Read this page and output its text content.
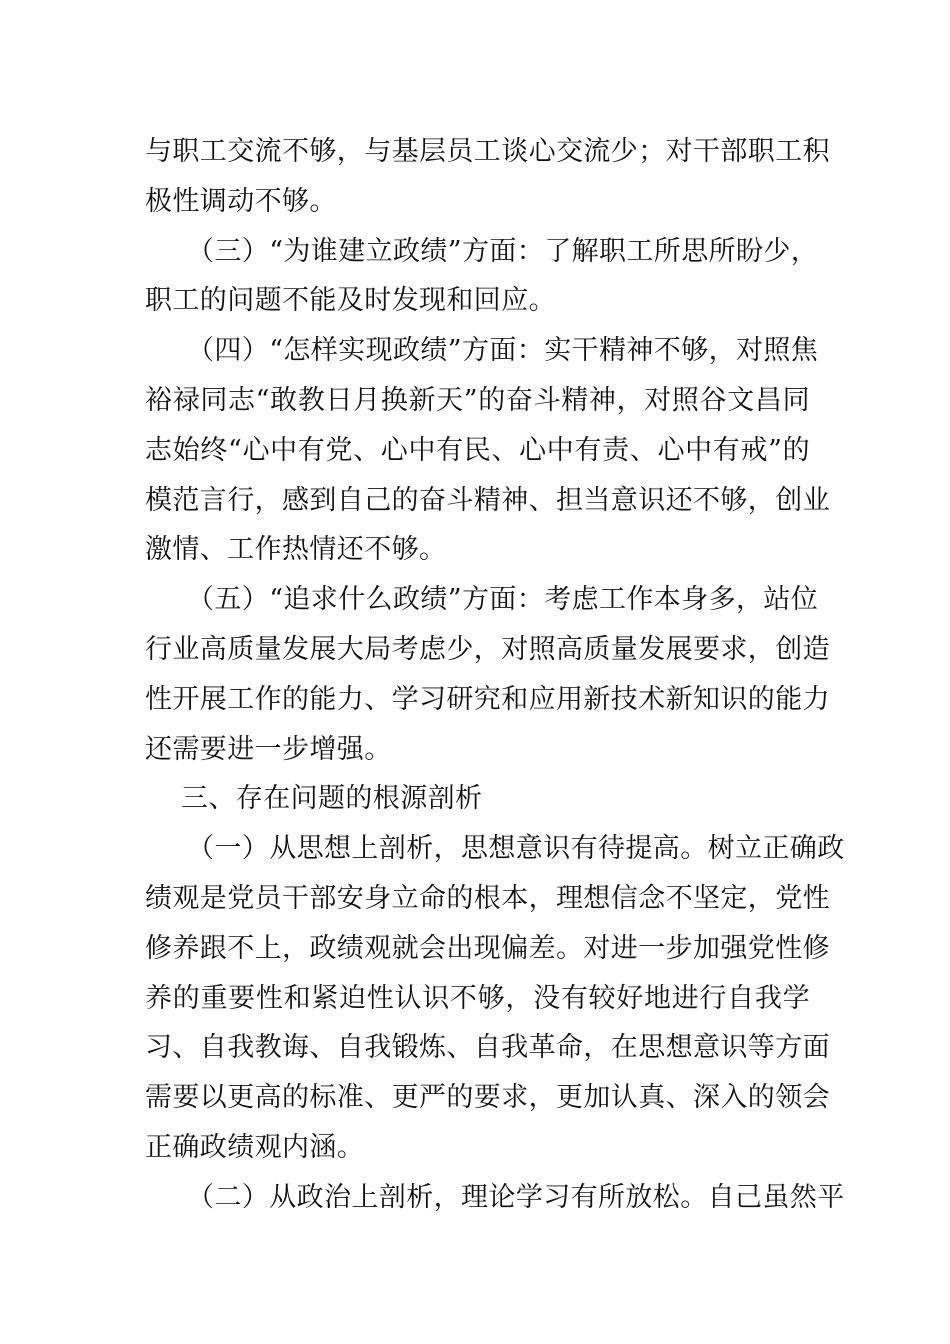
与职工交流不够，与基层员工谈心交流少；对干部职工积
极性调动不够。

（三）“为谁建立政绩”方面：了解职工所思所盼少，

职工的问题不能及时发现和回应。

（四）“怎样实现政绩”方面：实干精神不够，对照焦

裕禄同志“敢教日月换新天”的奋斗精神，对照谷文昌同
志始终“心中有党、心中有民、心中有责、心中有戒”的
模范言行，感到自己的奋斗精神、担当意识还不够，创业
激情、工作热情还不够。

（五）“追求什么政绩”方面：考虑工作本身多，站位

行业高质量发展大局考虑少，对照高质量发展要求，创造
性开展工作的能力、学习研究和应用新技术新知识的能力
还需要进一步增强。

三、存在问题的根源剖析

（一）从思想上剖析，思想意识有待提高。树立正确政

绩观是党员干部安身立命的根本，理想信念不坚定，党性
修养跟不上，政绩观就会出现偏差。对进一步加强党性修
养的重要性和紧迫性认识不够，没有较好地进行自我学
习、自我教诲、自我锻炼、自我革命，在思想意识等方面
需要以更高的标准、更严的要求，更加认真、深入的领会
正确政绩观内涵。

（二）从政治上剖析，理论学习有所放松。自己虽然平
